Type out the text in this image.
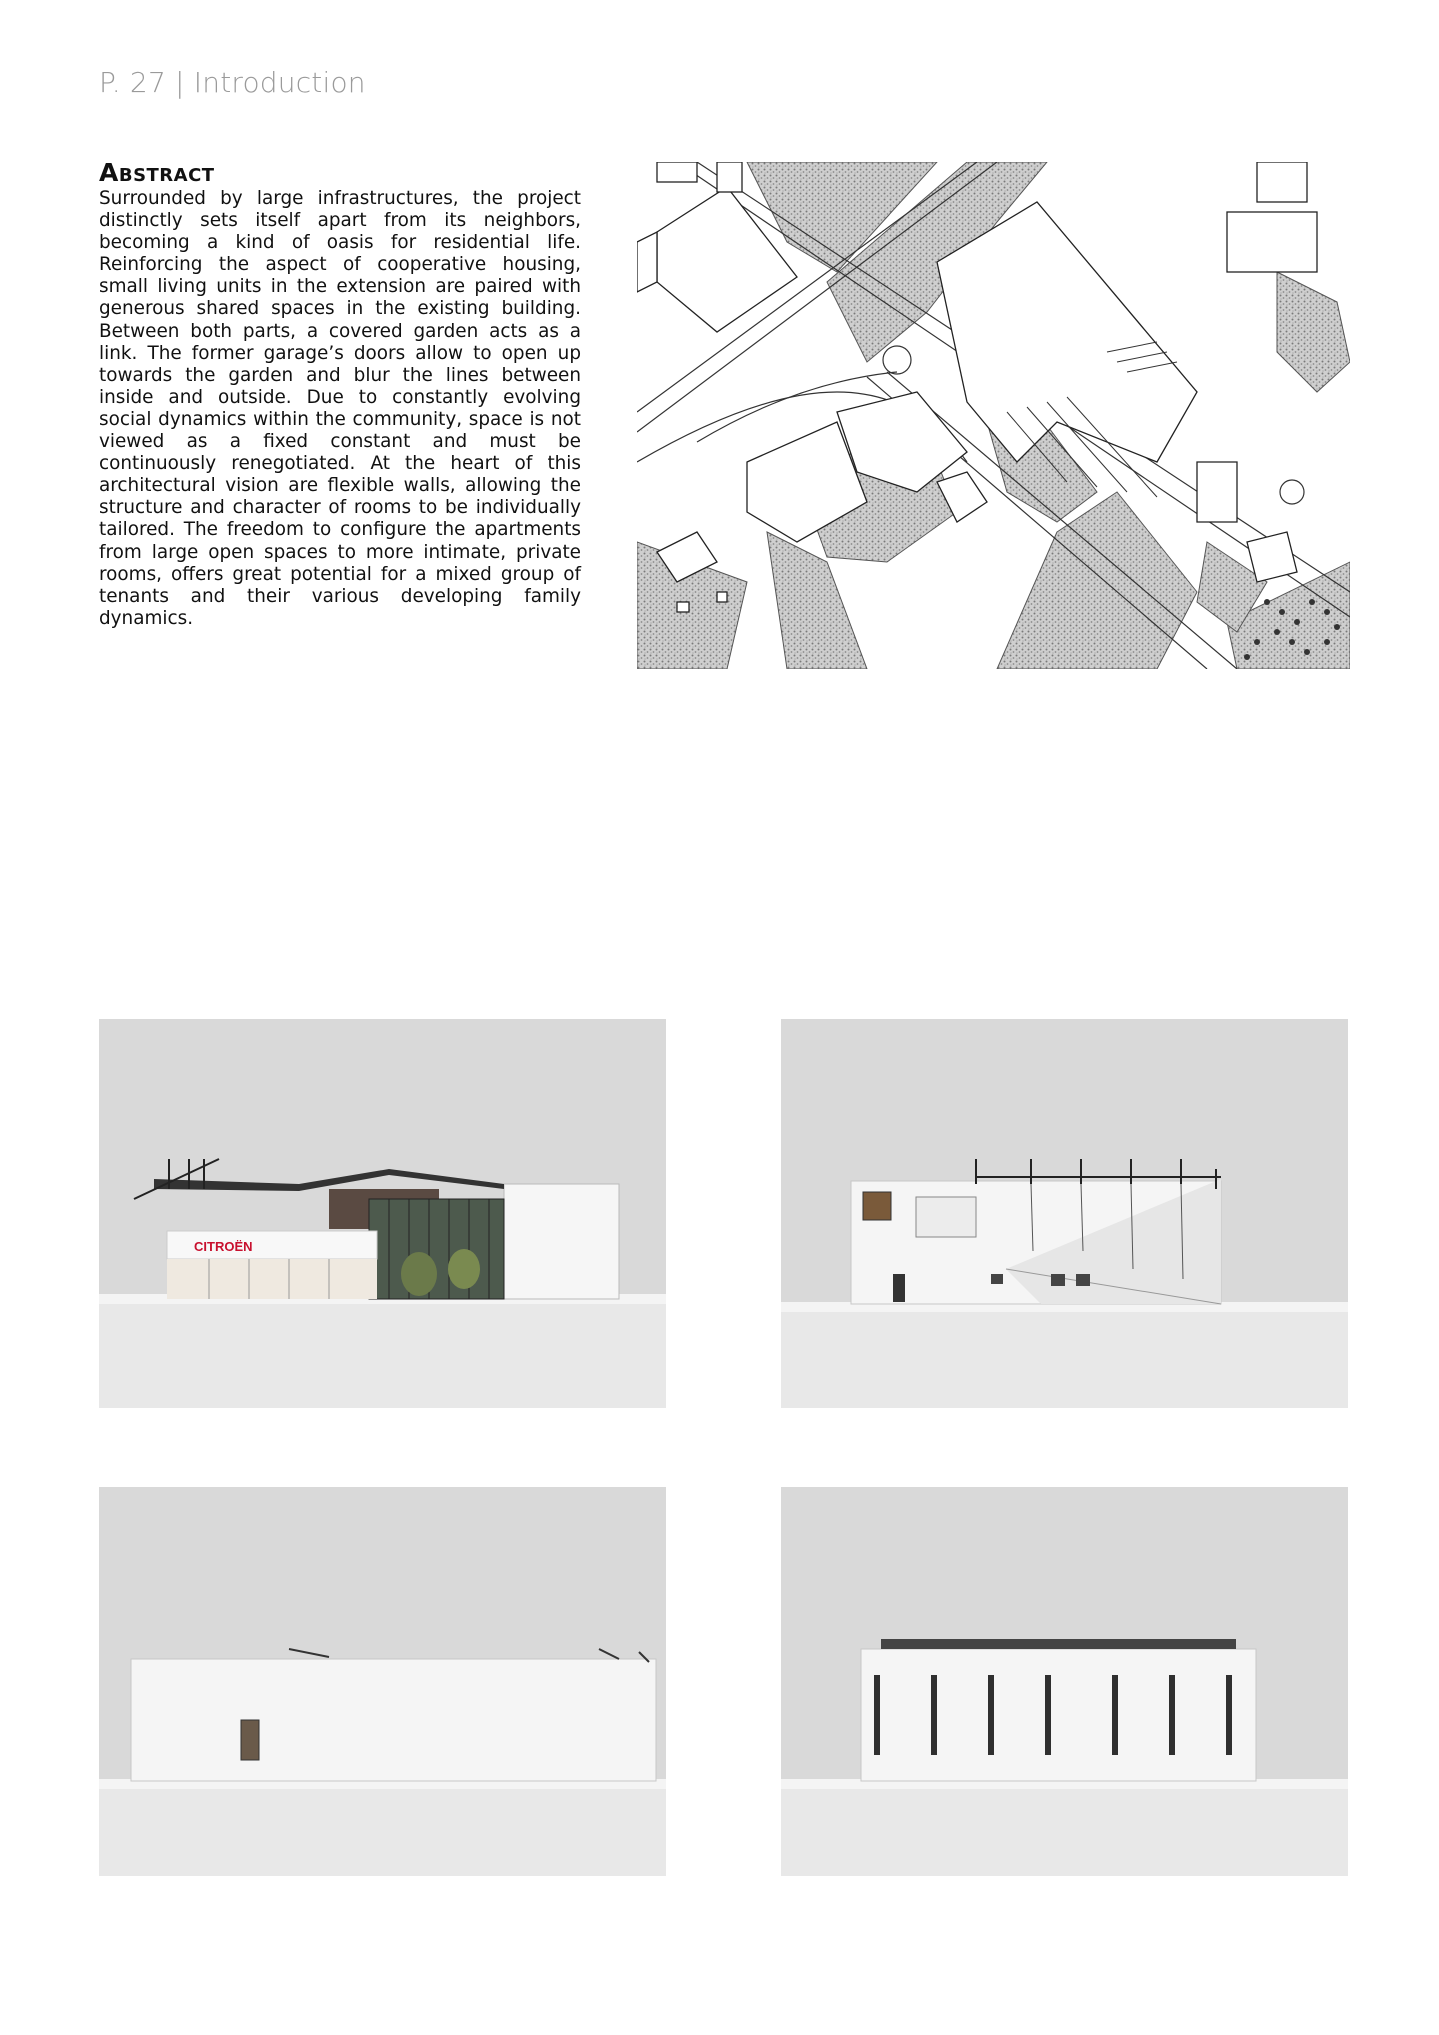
P. 27 | Introduction
Abstract

Surrounded by large infrastructures, the project distinctly sets itself apart from its neighbors, becoming a kind of oasis for residential life. Reinforcing the aspect of cooperative housing, small living units in the extension are paired with generous shared spaces in the existing building. Between both parts, a covered garden acts as a link. The former garage’s doors allow to open up towards the garden and blur the lines between inside and outside. Due to constantly evolving social dynamics within the community, space is not viewed as a fixed constant and must be continuously renegotiated. At the heart of this architectural vision are flexible walls, allowing the structure and character of rooms to be individually tailored. The freedom to configure the apartments from large open spaces to more intimate, private rooms, offers great potential for a mixed group of tenants and their various developing family dynamics.

CITROËN
